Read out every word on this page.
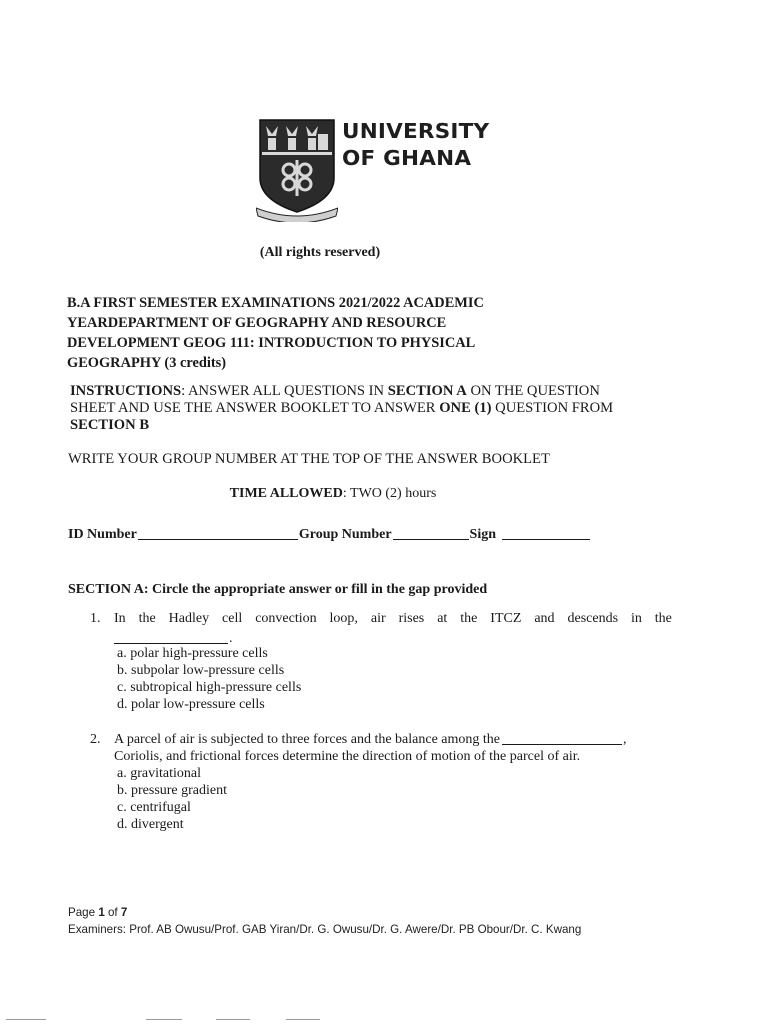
UNIVERSITY
OF GHANA
(All rights reserved)
B.A FIRST SEMESTER EXAMINATIONS 2021/2022 ACADEMIC
YEARDEPARTMENT OF GEOGRAPHY AND RESOURCE
DEVELOPMENT GEOG 111: INTRODUCTION TO PHYSICAL
GEOGRAPHY (3 credits)
INSTRUCTIONS: ANSWER ALL QUESTIONS IN SECTION A ON THE QUESTION
SHEET AND USE THE ANSWER BOOKLET TO ANSWER ONE (1) QUESTION FROM
SECTION B
WRITE YOUR GROUP NUMBER AT THE TOP OF THE ANSWER BOOKLET
TIME ALLOWED: TWO (2) hours
ID Number	Group Number	Sign
SECTION A: Circle the appropriate answer or fill in the gap provided
1. In the Hadley cell convection loop, air rises at the ITCZ and descends in the
.
a. polar high-pressure cells
b. subpolar low-pressure cells
c. subtropical high-pressure cells
d. polar low-pressure cells
2. A parcel of air is subjected to three forces and the balance among the	,
Coriolis, and frictional forces determine the direction of motion of the parcel of air.
a. gravitational
b. pressure gradient
c. centrifugal
d. divergent
Page 1 of 7
Examiners: Prof. AB Owusu/Prof. GAB Yiran/Dr. G. Owusu/Dr. G. Awere/Dr. PB Obour/Dr. C. Kwang
